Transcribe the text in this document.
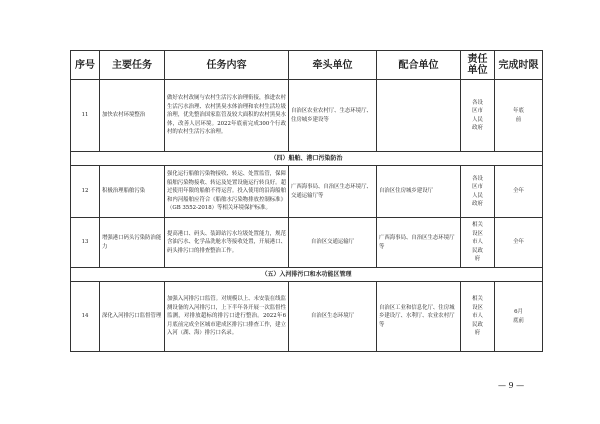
序号	主要任务	任务内容	牵头单位	配合单位	责任单位	完成时限
11	加快农村环境整治	做好农村改厕与农村生活污水治理衔接，推进农村生活污水治理、农村黑臭水体治理和农村生活垃圾治理，优先整治国家监管及较大面积的农村黑臭水体，改善人居环境。2022年底前完成300个行政村的农村生活污水治理。	自治区农业农村厅、生态环境厅、住房城乡建设等		各设区市人民政府	年底前

（四）船舶、港口污染防治						
12	积极治理船舶污染	强化运行船舶污染物接收、转运、处置监管，保障船舶污染物接收、转运及处置设施运行转良好。超过使用年限的船舶不得运营。投入使用的沿海船舶和内河船舶应符合《船舶水污染物排放控制标准》（GB 3552-2018）等相关环境保护标准。	广西海事局、自治区生态环境厅、交通运输厅等	自治区住房城乡建设厅	各设区市人民政府	全年
13	增强港口码头污染防治能力	提高港口、码头、装卸站污水垃圾处置能力，规范含油污水、化学品洗舱水等接收处置，开展港口、码头排污口的排查整治工作。	自治区交通运输厅	广西海事局、自治区生态环境厅等	相关设区市人民政府	全年
（五）入河排污口和水功能区管理						
14	深化入河排污口监督管理	加强入河排污口监管。对规模以上、未安装在线监测设备的入河排污口，上下半年各开展一次监督性监测，对排放超标的排污口进行整治。2022年6月底前完成全区城市建成区排污口排查工作，建立入河（湖、海）排污口名录。	自治区生态环境厅	自治区工业和信息化厅、住房城乡建设厅、水利厅、农业农村厅等	相关设区市人民政府	6月底前
— 9 —
